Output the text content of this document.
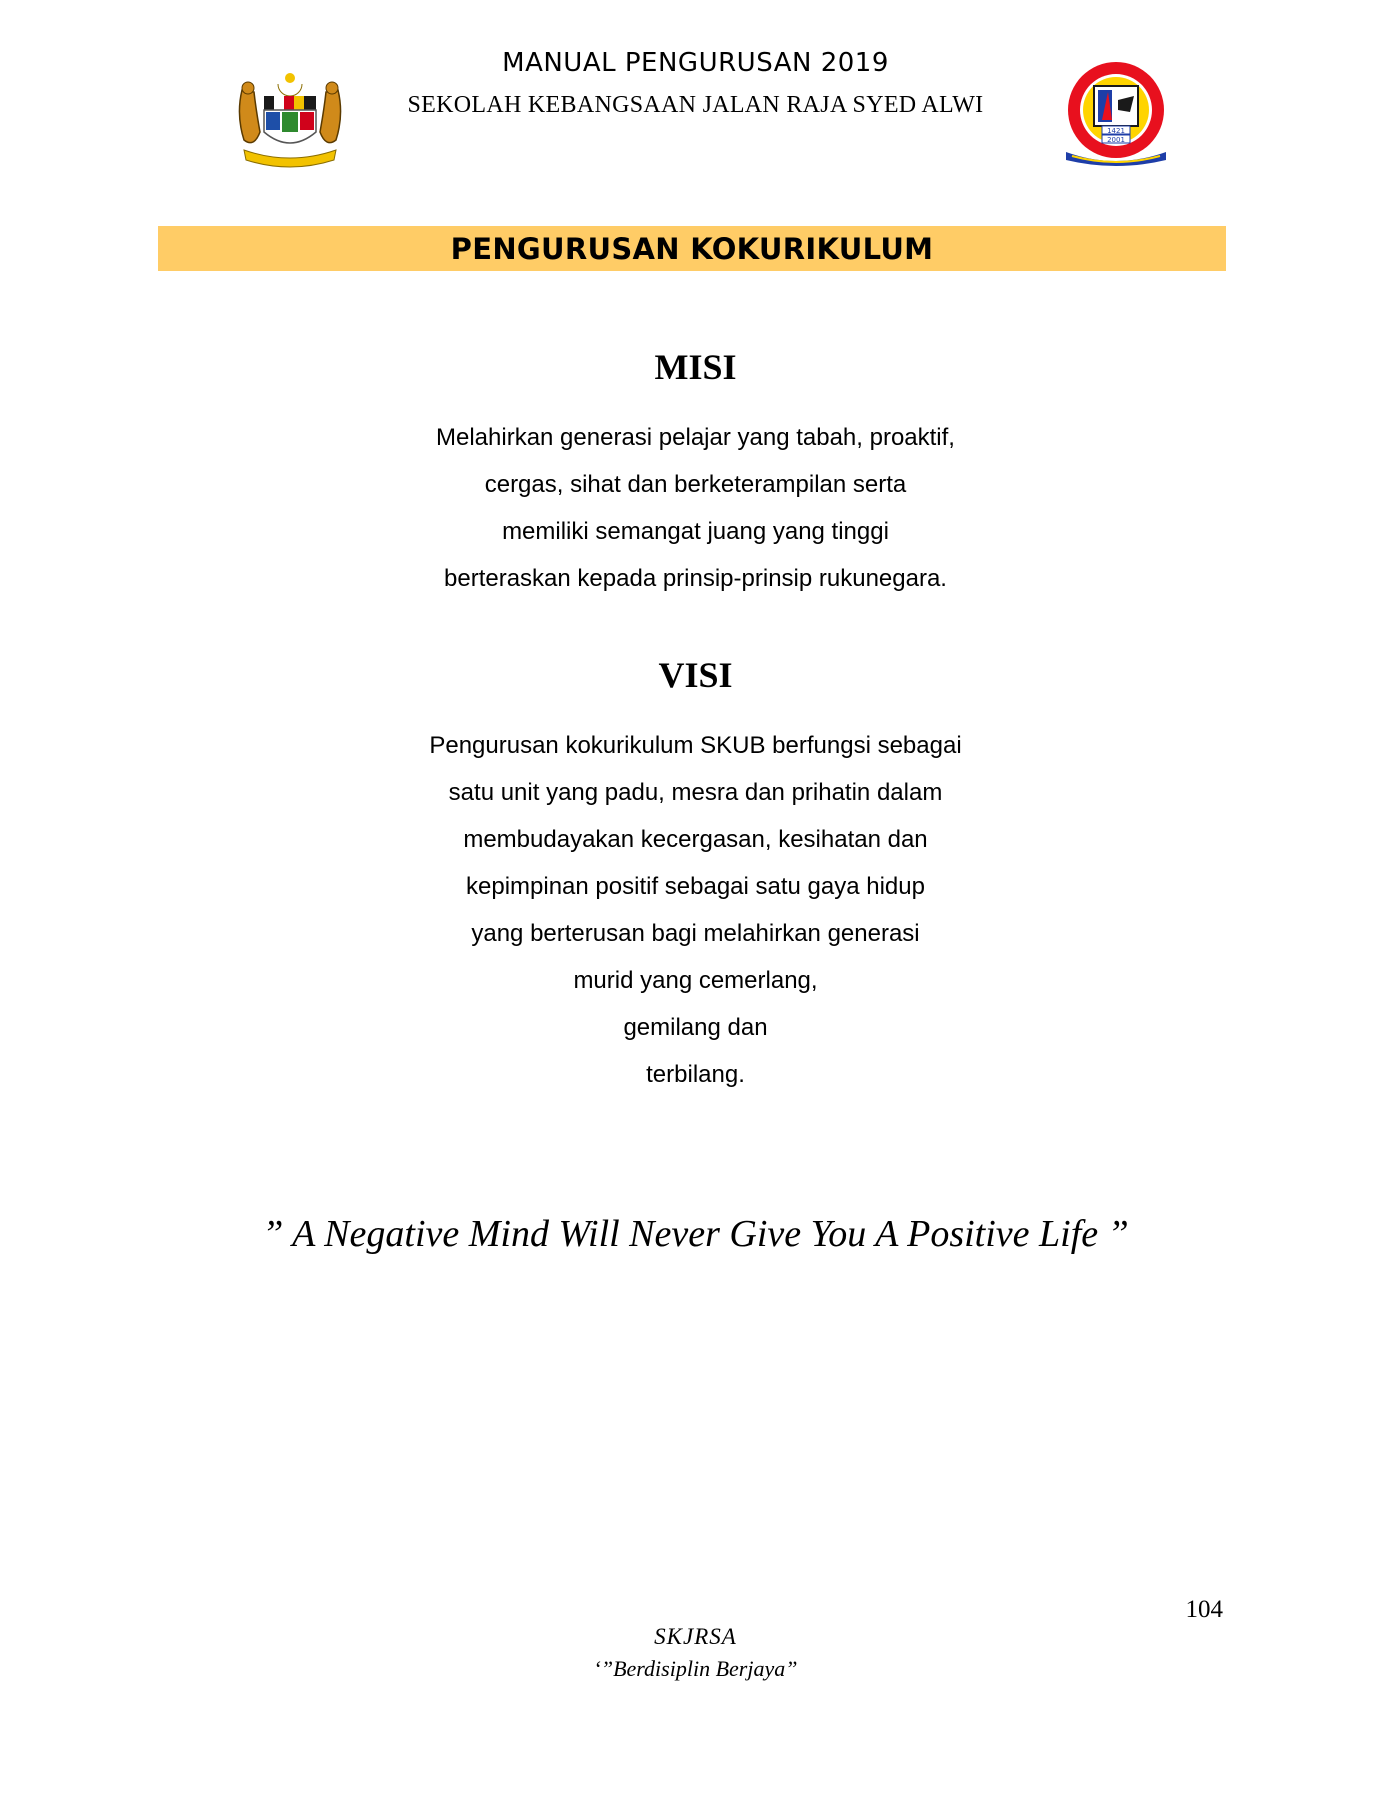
MANUAL PENGURUSAN 2019
SEKOLAH KEBANGSAAN JALAN RAJA SYED ALWI
1421
2001
PENGURUSAN KOKURIKULUM
MISI
Melahirkan generasi pelajar yang tabah, proaktif,
cergas, sihat dan berketerampilan serta
memiliki semangat juang yang tinggi
berteraskan kepada prinsip-prinsip rukunegara.
VISI
Pengurusan kokurikulum SKUB berfungsi sebagai
satu unit yang padu, mesra dan prihatin dalam
membudayakan kecergasan, kesihatan dan
kepimpinan positif sebagai satu gaya hidup
yang berterusan bagi melahirkan generasi
murid yang cemerlang,
gemilang dan
terbilang.
” A Negative Mind Will Never Give You A Positive Life ”
104
SKJRSA
‘”Berdisiplin Berjaya”
